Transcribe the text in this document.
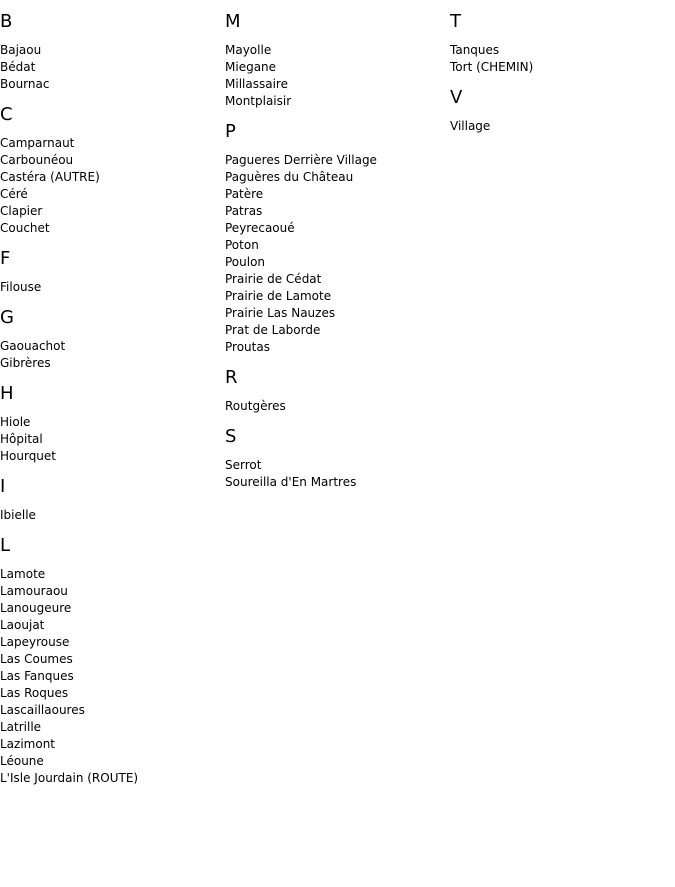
B
Bajaou
Bédat
Bournac
C
Camparnaut
Carbounéou
Castéra (AUTRE)
Céré
Clapier
Couchet
F
Filouse
G
Gaouachot
Gibrères
H
Hiole
Hôpital
Hourquet
I
Ibielle
L
Lamote
Lamouraou
Lanougeure
Laoujat
Lapeyrouse
Las Coumes
Las Fanques
Las Roques
Lascaillaoures
Latrille
Lazimont
Léoune
L'Isle Jourdain (ROUTE)
M
Mayolle
Miegane
Millassaire
Montplaisir
P
Pagueres Derrière Village
Paguères du Château
Patère
Patras
Peyrecaoué
Poton
Poulon
Prairie de Cédat
Prairie de Lamote
Prairie Las Nauzes
Prat de Laborde
Proutas
R
Routgères
S
Serrot
Soureilla d'En Martres
T
Tanques
Tort (CHEMIN)
V
Village
